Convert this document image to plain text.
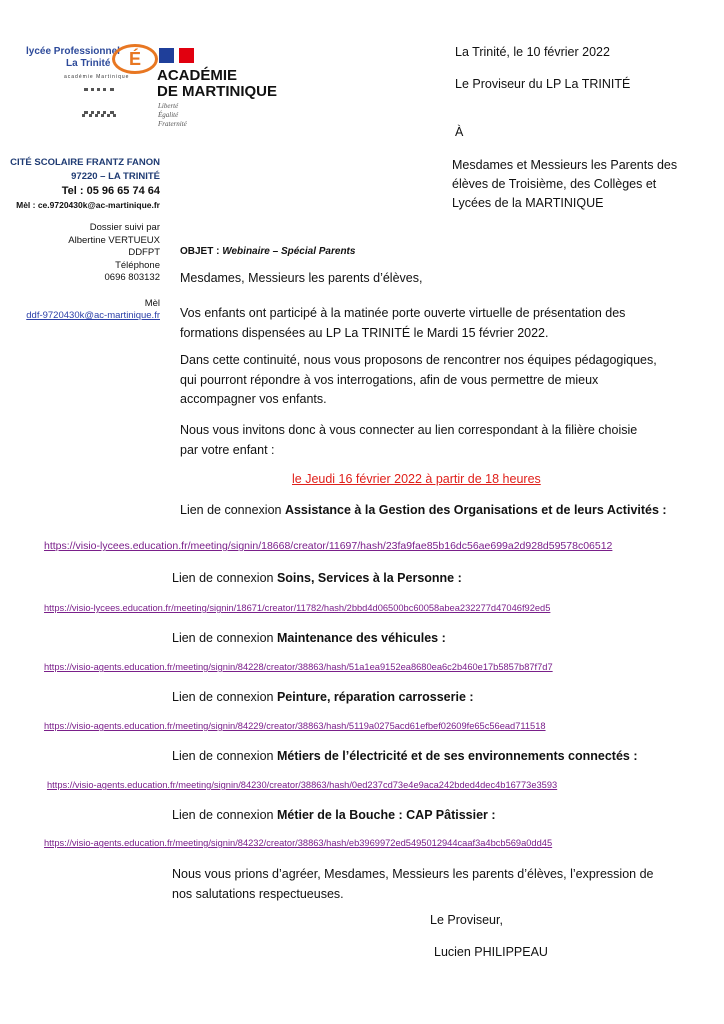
lycée Professionnel
La Trinité	É
académie Martinique ACADÉMIE
DE MARTINIQUE
Liberté
Égalité
Fraternité
La Trinité, le 10 février 2022
Le Proviseur du LP La TRINITÉ
À
Mesdames et Messieurs les Parents des
élèves de Troisième, des Collèges et
Lycées de la MARTINIQUE
CITÉ SCOLAIRE FRANTZ FANON
97220 – LA TRINITÉ
Tel : 05 96 65 74 64
Mèl : ce.9720430k@ac-martinique.fr
Dossier suivi par
Albertine VERTUEUX
DDFPT
Téléphone
0696 803132
Mèl
ddf-9720430k@ac-martinique.fr
OBJET : Webinaire – Spécial Parents
Mesdames, Messieurs les parents d’élèves,
Vos enfants ont participé à la matinée porte ouverte virtuelle de présentation des
formations dispensées au LP La TRINITÉ le Mardi 15 février 2022.
Dans cette continuité, nous vous proposons de rencontrer nos équipes pédagogiques,
qui pourront répondre à vos interrogations, afin de vous permettre de mieux
accompagner vos enfants.
Nous vous invitons donc à vous connecter au lien correspondant à la filière choisie
par votre enfant :
le Jeudi 16 février 2022 à partir de 18 heures
Lien de connexion Assistance à la Gestion des Organisations et de leurs Activités :
https://visio-lycees.education.fr/meeting/signin/18668/creator/11697/hash/23fa9fae85b16dc56ae699a2d928d59578c06512
Lien de connexion Soins, Services à la Personne :
https://visio-lycees.education.fr/meeting/signin/18671/creator/11782/hash/2bbd4d06500bc60058abea232277d47046f92ed5
Lien de connexion Maintenance des véhicules :
https://visio-agents.education.fr/meeting/signin/84228/creator/38863/hash/51a1ea9152ea8680ea6c2b460e17b5857b87f7d7
Lien de connexion Peinture, réparation carrosserie :
https://visio-agents.education.fr/meeting/signin/84229/creator/38863/hash/5119a0275acd61efbef02609fe65c56ead711518
Lien de connexion Métiers de l’électricité et de ses environnements connectés :
https://visio-agents.education.fr/meeting/signin/84230/creator/38863/hash/0ed237cd73e4e9aca242bded4dec4b16773e3593
Lien de connexion Métier de la Bouche : CAP Pâtissier :
https://visio-agents.education.fr/meeting/signin/84232/creator/38863/hash/eb3969972ed5495012944caaf3a4bcb569a0dd45
Nous vous prions d’agréer, Mesdames, Messieurs les parents d’élèves, l’expression de
nos salutations respectueuses.
Le Proviseur,
Lucien PHILIPPEAU
